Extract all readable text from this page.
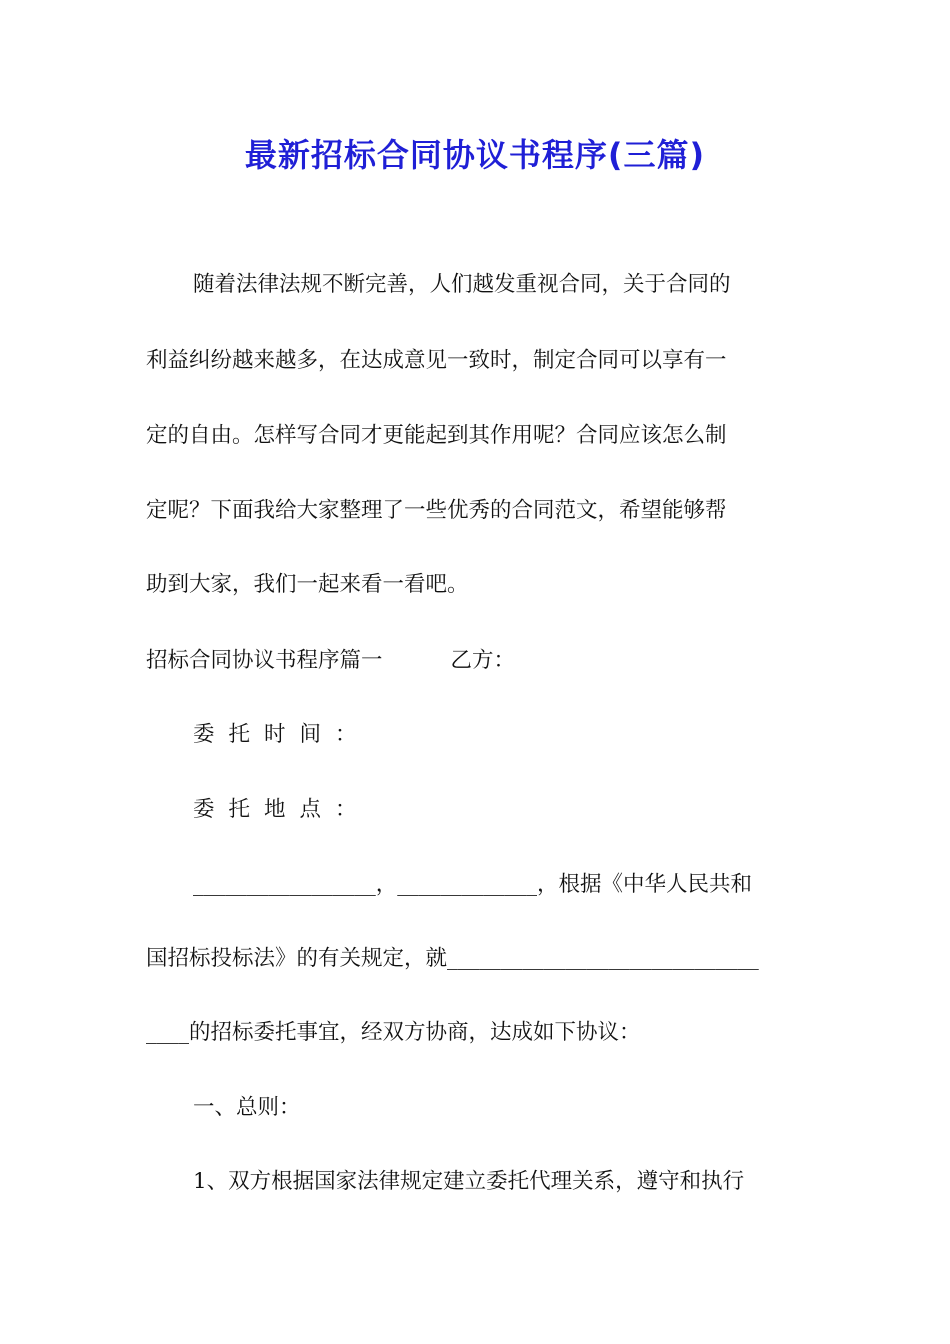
最新招标合同协议书程序(三篇)
随着法律法规不断完善，人们越发重视合同，关于合同的
利益纠纷越来越多，在达成意见一致时，制定合同可以享有一
定的自由。怎样写合同才更能起到其作用呢？合同应该怎么制
定呢？下面我给大家整理了一些优秀的合同范文，希望能够帮
助到大家，我们一起来看一看吧。
招标合同协议书程序篇一	乙方：
委托时间：
委托地点：
_________________，_____________，根据《中华人民共和
国招标投标法》的有关规定，就_____________________________
____的招标委托事宜，经双方协商，达成如下协议：
一、总则：
1、双方根据国家法律规定建立委托代理关系，遵守和执行
